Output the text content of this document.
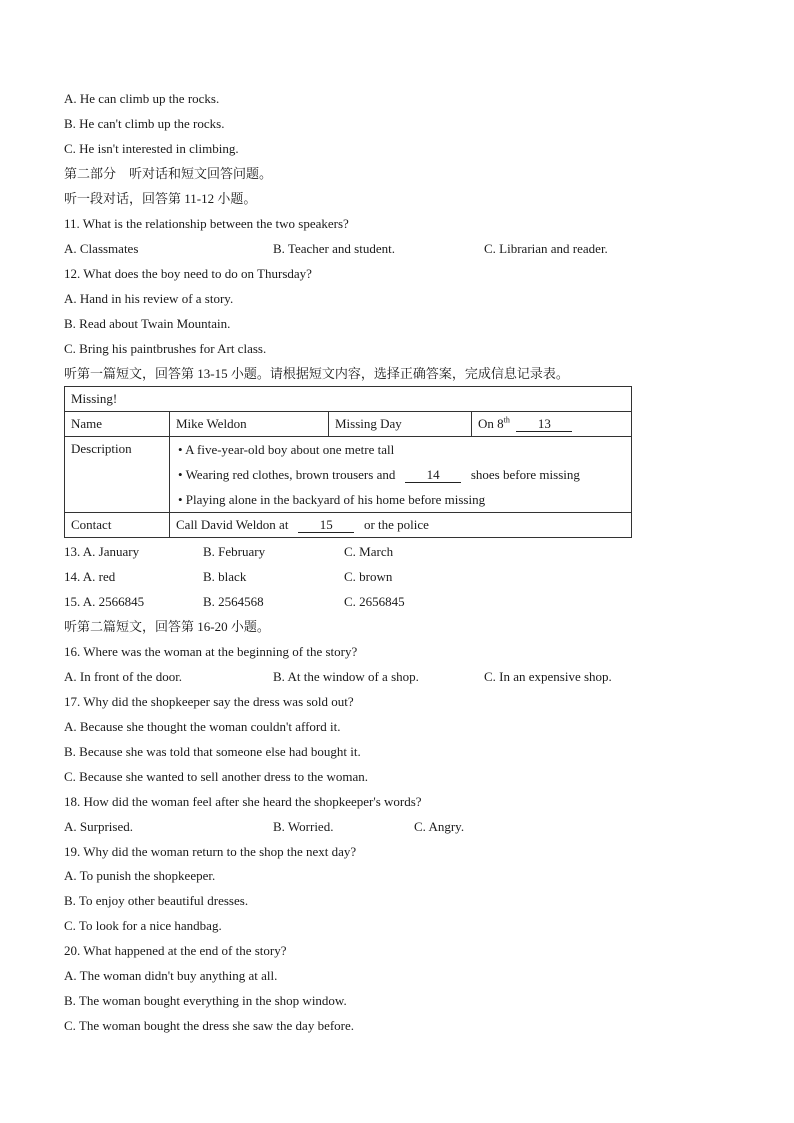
A. He can climb up the rocks.
B. He can't climb up the rocks.
C. He isn't interested in climbing.
第二部分　听对话和短文回答问题。
听一段对话，回答第 11-12 小题。
11. What is the relationship between the two speakers?
A. Classmates	B. Teacher and student.	C. Librarian and reader.
12. What does the boy need to do on Thursday?
A. Hand in his review of a story.
B. Read about Twain Mountain.
C. Bring his paintbrushes for Art class.
听第一篇短文，回答第 13-15 小题。请根据短文内容，选择正确答案，完成信息记录表。
Missing!			
Name	Mike Weldon	Missing Day	On 8th 13
Description	• A five-year-old boy about one metre tall
• Wearing red clothes, brown trousers and 14 shoes before missing
• Playing alone in the backyard of his home before missing		

Contact	Call David Weldon at 15 or the police		
13. A. January	B. February	C. March
14. A. red	B. black	C. brown
15. A. 2566845	B. 2564568	C. 2656845
听第二篇短文，回答第 16-20 小题。
16. Where was the woman at the beginning of the story?
A. In front of the door.	B. At the window of a shop.	C. In an expensive shop.
17. Why did the shopkeeper say the dress was sold out?
A. Because she thought the woman couldn't afford it.
B. Because she was told that someone else had bought it.
C. Because she wanted to sell another dress to the woman.
18. How did the woman feel after she heard the shopkeeper's words?
A. Surprised.	B. Worried.	C. Angry.
19. Why did the woman return to the shop the next day?
A. To punish the shopkeeper.
B. To enjoy other beautiful dresses.
C. To look for a nice handbag.
20. What happened at the end of the story?
A. The woman didn't buy anything at all.
B. The woman bought everything in the shop window.
C. The woman bought the dress she saw the day before.
